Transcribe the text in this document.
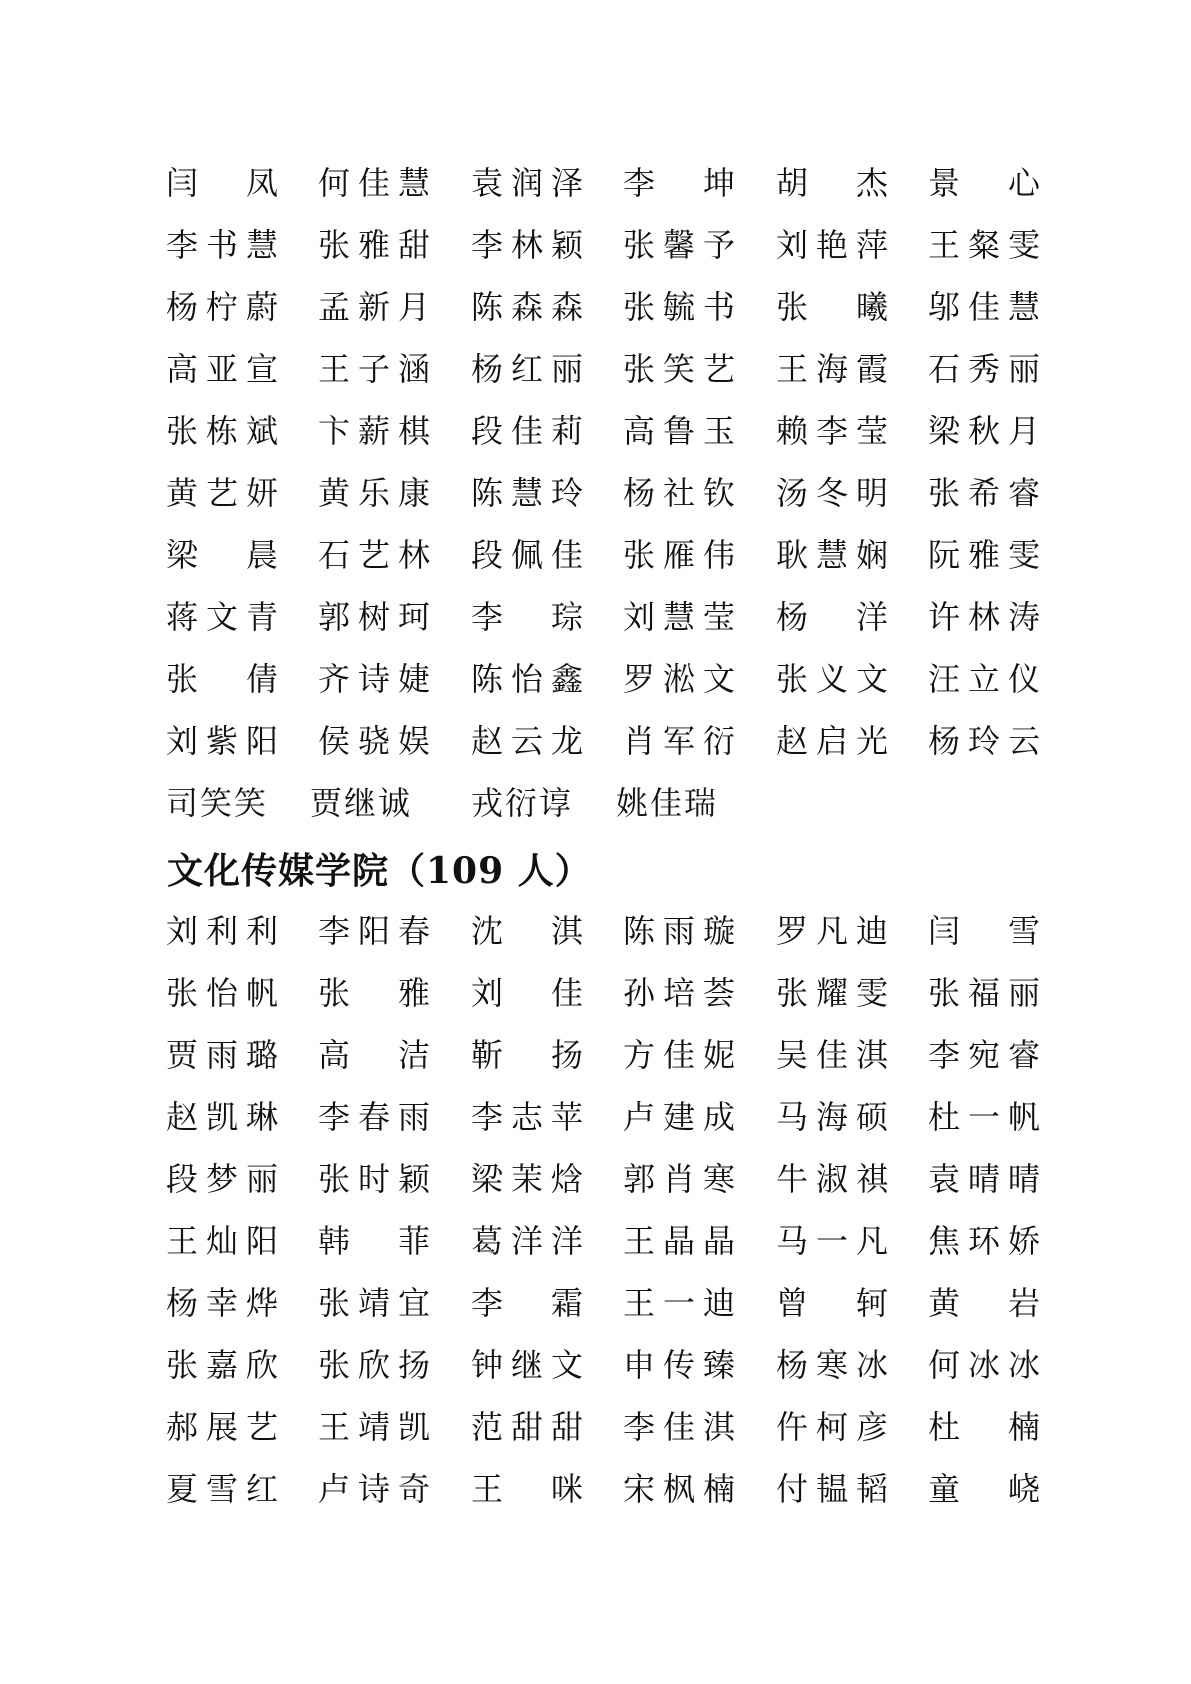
闫凤 何佳慧 袁润泽 李坤 胡杰 景心
李书慧 张雅甜 李林颖 张馨予 刘艳萍 王粲雯
杨柠蔚 孟新月 陈森森 张毓书 张曦 邬佳慧
高亚宣 王子涵 杨红丽 张笑艺 王海霞 石秀丽
张栋斌 卞薪棋 段佳莉 高鲁玉 赖李莹 梁秋月
黄艺妍 黄乐康 陈慧玲 杨社钦 汤冬明 张希睿
梁晨 石艺林 段佩佳 张雁伟 耿慧娴 阮雅雯
蒋文青 郭树珂 李琮 刘慧莹 杨洋 许林涛
张倩 齐诗婕 陈怡鑫 罗淞文 张义文 汪立仪
刘紫阳 侯骁娱 赵云龙 肖军衍 赵启光 杨玲云
司笑笑	贾继诚	戎衍谆	姚佳瑞
文化传媒学院（109 人）
刘利利 李阳春 沈淇 陈雨璇 罗凡迪 闫雪
张怡帆 张雅 刘佳 孙培荟 张耀雯 张福丽
贾雨璐 高洁 靳扬 方佳妮 吴佳淇 李宛睿
赵凯琳 李春雨 李志苹 卢建成 马海硕 杜一帆
段梦丽 张时颖 梁茉焓 郭肖寒 牛淑祺 袁晴晴
王灿阳 韩菲 葛洋洋 王晶晶 马一凡 焦环娇
杨幸烨 张靖宜 李霜 王一迪 曾轲 黄岩
张嘉欣 张欣扬 钟继文 申传臻 杨寒冰 何冰冰
郝展艺 王靖凯 范甜甜 李佳淇 仵柯彦 杜楠
夏雪红 卢诗奇 王咪 宋枫楠 付韫韬 童峣
